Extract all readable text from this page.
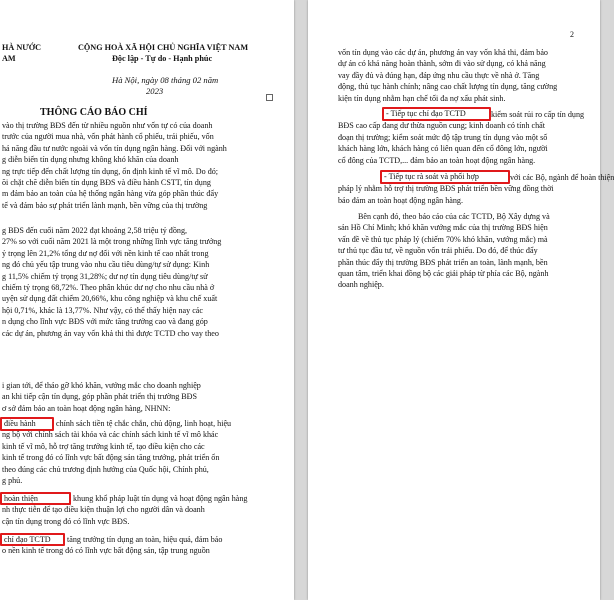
HÀ NƯỚC
AM
CỘNG HOÀ XÃ HỘI CHỦ NGHĨA VIỆT NAM
Độc lập - Tự do - Hạnh phúc
Hà Nội, ngày 08 tháng 02 năm
2023
THÔNG CÁO BÁO CHÍ
vào thị trường BĐS đến từ nhiều nguồn như vốn tự có của doanh
trước của người mua nhà, vốn phát hành cổ phiếu, trái phiếu, vốn
hả năng đầu tư nước ngoài và vốn tín dụng ngân hàng. Đối với ngành
g diễn biến tín dụng nhưng không khó khăn của doanh
ng trực tiếp đến chất lượng tín dụng, ổn định kinh tế vĩ mô. Do đó;
õi chặt chẽ diễn biến tín dụng BĐS và điều hành CSTT, tín dụng
m đảm bảo an toàn của hệ thống ngân hàng vừa góp phần thúc đẩy
tế và đảm bảo sự phát triển lành mạnh, bền vững của thị trường
g BĐS đến cuối năm 2022 đạt khoảng 2,58 triệu tỷ đồng,
27% so với cuối năm 2021 là một trong những lĩnh vực tăng trưởng
ỷ trọng lên 21,2% tổng dư nợ đối với nền kinh tế cao nhất trong
ng đó chủ yếu tập trung vào nhu cầu tiêu dùng/tự sử dụng: Kinh
g 11,5% chiếm tỷ trọng 31,28%; dư nợ tín dụng tiêu dùng/tự sử
chiếm tỷ trọng 68,72%. Theo phân khúc dư nợ cho nhu cầu nhà ở
uyện sử dụng đất chiếm 20,66%, khu công nghiệp và khu chế xuất
hội 0,71%, khác là 13,77%. Như vậy, có thể thấy hiện nay các
n dụng cho lĩnh vực BĐS với mức tăng trưởng cao và đang góp
các dự án, phương án vay vốn khả thi thì được TCTD cho vay theo
i gian tới, để tháo gỡ khó khăn, vướng mắc cho doanh nghiệp
an khi tiếp cận tín dụng, góp phần phát triển thị trường BĐS
ơ sở đảm bảo an toàn hoạt động ngân hàng, NHNN:
điều hành	chính sách tiền tệ chắc chắn, chủ động, linh hoạt, hiệu
ng bộ với chính sách tài khóa và các chính sách kinh tế vĩ mô khác
kinh tế vĩ mô, hỗ trợ tăng trưởng kinh tế, tạo điều kiện cho các
kinh tế trong đó có lĩnh vực bất động sản tăng trưởng, phát triển ổn
theo đúng các chủ trương định hướng của Quốc hội, Chính phủ,
g phủ.
hoàn thiện	khung khổ pháp luật tín dụng và hoạt động ngân hàng
nh thực tiễn để tạo điều kiện thuận lợi cho người dân và doanh
cận tín dụng trong đó có lĩnh vực BĐS.
chỉ đạo TCTD	tăng trưởng tín dụng an toàn, hiệu quả, đảm bảo
o nền kinh tế trong đó có lĩnh vực bất động sản, tập trung nguồn
2
vốn tín dụng vào các dự án, phương án vay vốn khả thi, đảm bảo
dự án có khả năng hoàn thành, sớm đi vào sử dụng, có khả năng
vay đầy đủ và đúng hạn, đáp ứng nhu cầu thực về nhà ở. Tăng
động, thủ tục hành chính; nâng cao chất lượng tín dụng, tăng cường
kiện tín dụng nhằm hạn chế tối đa nợ xấu phát sinh.
- Tiếp tục chỉ đạo TCTD	kiểm soát rủi ro cấp tín dụng
BĐS cao cấp đang dư thừa nguồn cung; kinh doanh có tính chất
đoạn thị trường; kiểm soát mức độ tập trung tín dụng vào một số
khách hàng lớn, khách hàng có liên quan đến cổ đông lớn, người
cổ đông của TCTD,... đảm bảo an toàn hoạt động ngân hàng.
- Tiếp tục rà soát và phối hợp	với các Bộ, ngành để hoàn thiện
pháp lý nhằm hỗ trợ thị trường BĐS phát triển bền vững đồng thời
bảo đảm an toàn hoạt động ngân hàng.
Bên cạnh đó, theo báo cáo của các TCTD, Bộ Xây dựng và
sản Hồ Chí Minh; khó khăn vướng mắc của thị trường BĐS hiện
vấn đề về thủ tục pháp lý (chiếm 70% khó khăn, vướng mắc) mà
tư thủ tục đầu tư, về nguồn vốn trái phiếu. Do đó, để thúc đẩy
phần thúc đẩy thị trường BĐS phát triển an toàn, lành mạnh, bền
quan tâm, triển khai đồng bộ các giải pháp từ phía các Bộ, ngành
doanh nghiệp.
